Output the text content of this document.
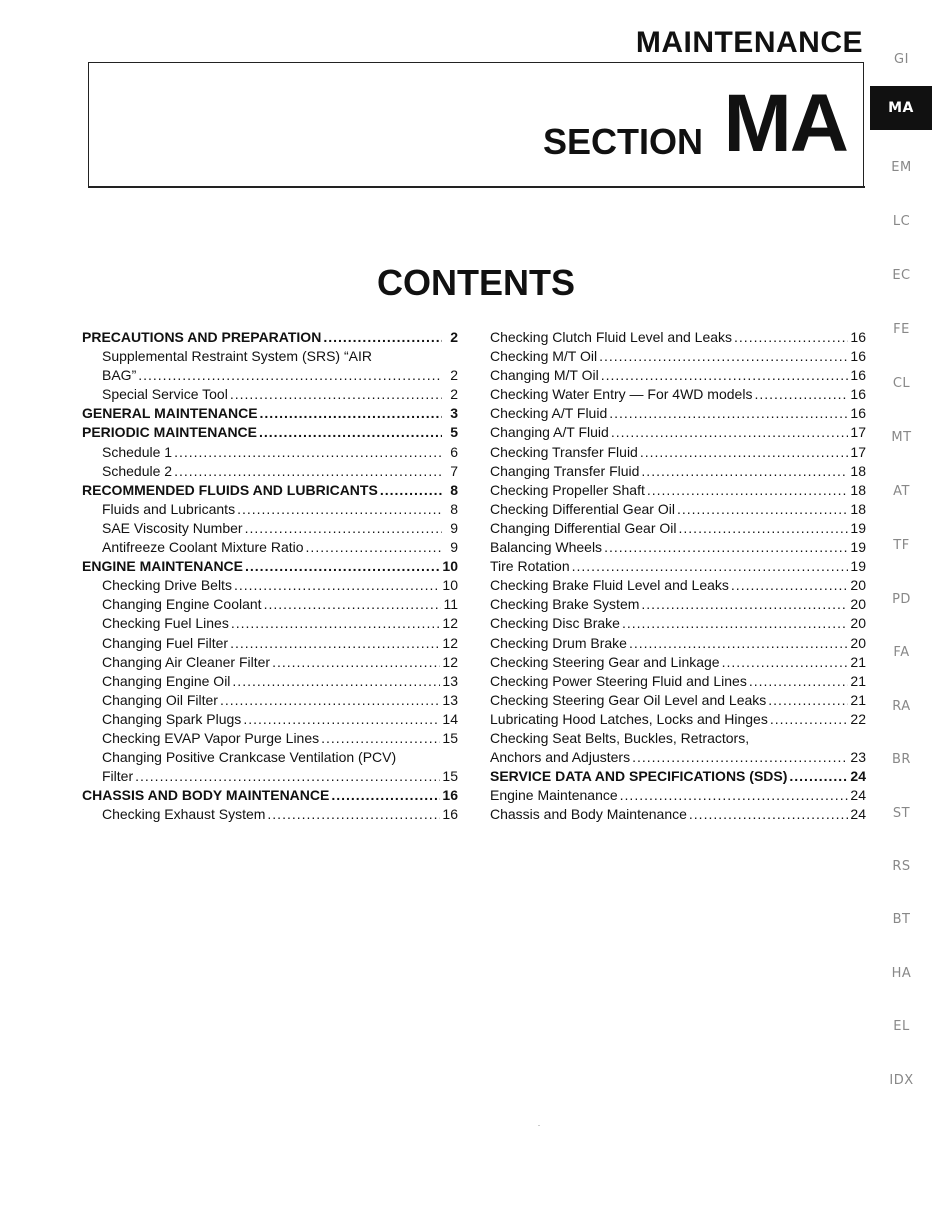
MAINTENANCE
SECTION MA
CONTENTS
PRECAUTIONS AND PREPARATION .....	2
Supplemental Restraint System (SRS) “AIR
BAG” .....	2
Special Service Tool .....	2
GENERAL MAINTENANCE .....	3
PERIODIC MAINTENANCE .....	5
Schedule 1 .....	6
Schedule 2 .....	7
RECOMMENDED FLUIDS AND LUBRICANTS .....	8
Fluids and Lubricants .....	8
SAE Viscosity Number .....	9
Antifreeze Coolant Mixture Ratio .....	9
ENGINE MAINTENANCE .....	10
Checking Drive Belts .....	10
Changing Engine Coolant .....	11
Checking Fuel Lines .....	12
Changing Fuel Filter .....	12
Changing Air Cleaner Filter .....	12
Changing Engine Oil .....	13
Changing Oil Filter .....	13
Changing Spark Plugs .....	14
Checking EVAP Vapor Purge Lines .....	15
Changing Positive Crankcase Ventilation (PCV)
Filter .....	15
CHASSIS AND BODY MAINTENANCE .....	16
Checking Exhaust System .....	16
Checking Clutch Fluid Level and Leaks .....	16
Checking M/T Oil .....	16
Changing M/T Oil .....	16
Checking Water Entry — For 4WD models .....	16
Checking A/T Fluid .....	16
Changing A/T Fluid .....	17
Checking Transfer Fluid .....	17
Changing Transfer Fluid .....	18
Checking Propeller Shaft .....	18
Checking Differential Gear Oil .....	18
Changing Differential Gear Oil .....	19
Balancing Wheels .....	19
Tire Rotation .....	19
Checking Brake Fluid Level and Leaks .....	20
Checking Brake System .....	20
Checking Disc Brake .....	20
Checking Drum Brake .....	20
Checking Steering Gear and Linkage .....	21
Checking Power Steering Fluid and Lines .....	21
Checking Steering Gear Oil Level and Leaks .....	21
Lubricating Hood Latches, Locks and Hinges .....	22
Checking Seat Belts, Buckles, Retractors,
Anchors and Adjusters .....	23
SERVICE DATA AND SPECIFICATIONS (SDS) .....	24
Engine Maintenance .....	24
Chassis and Body Maintenance .....	24
GI
MA
EM
LC
EC
FE
CL
MT
AT
TF
PD
FA
RA
BR
ST
RS
BT
HA
EL
IDX
